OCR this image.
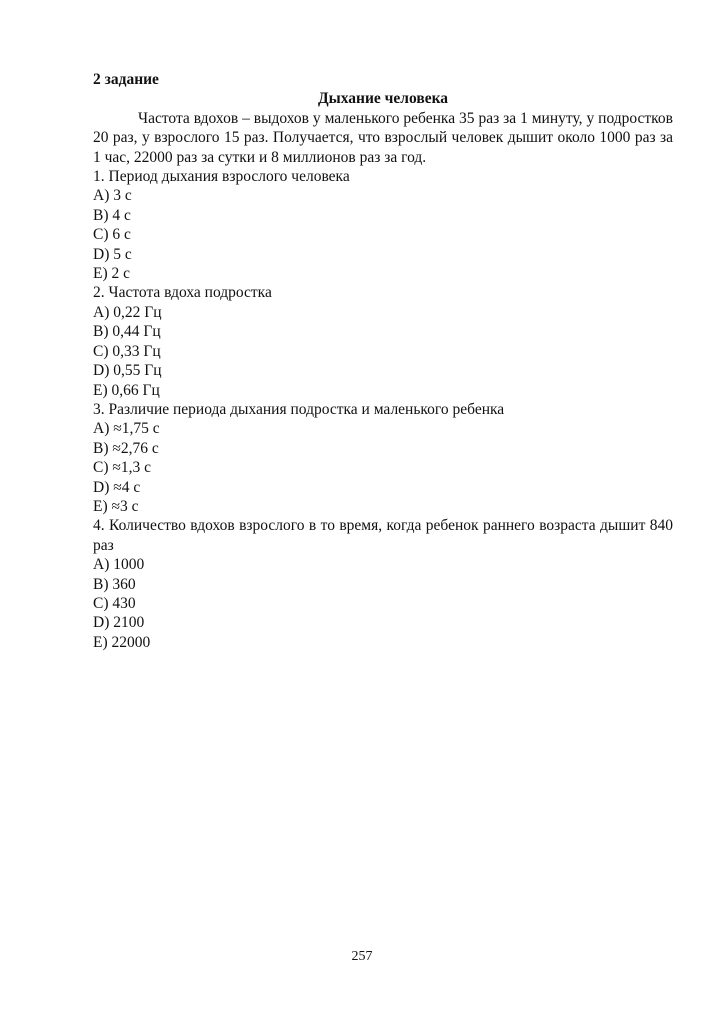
2 задание
Дыхание человека

Частота вдохов – выдохов у маленького ребенка 35 раз за 1 минуту, у подростков 20 раз, у взрослого 15 раз. Получается, что взрослый человек дышит около 1000 раз за 1 час, 22000 раз за сутки и 8 миллионов раз за год.

1. Период дыхания взрослого человека
A) 3 с
B) 4 с
C) 6 с
D) 5 с
E) 2 с
2. Частота вдоха подростка
A) 0,22 Гц
B) 0,44 Гц
C) 0,33 Гц
D) 0,55 Гц
E) 0,66 Гц
3. Различие периода дыхания подростка и маленького ребенка
A) ≈1,75 с
B) ≈2,76 с
C) ≈1,3 с
D) ≈4 с
E) ≈3 с
4. Количество вдохов взрослого в то время, когда ребенок раннего возраста дышит 840 раз
A) 1000
B) 360
C) 430
D) 2100
E) 22000
257
